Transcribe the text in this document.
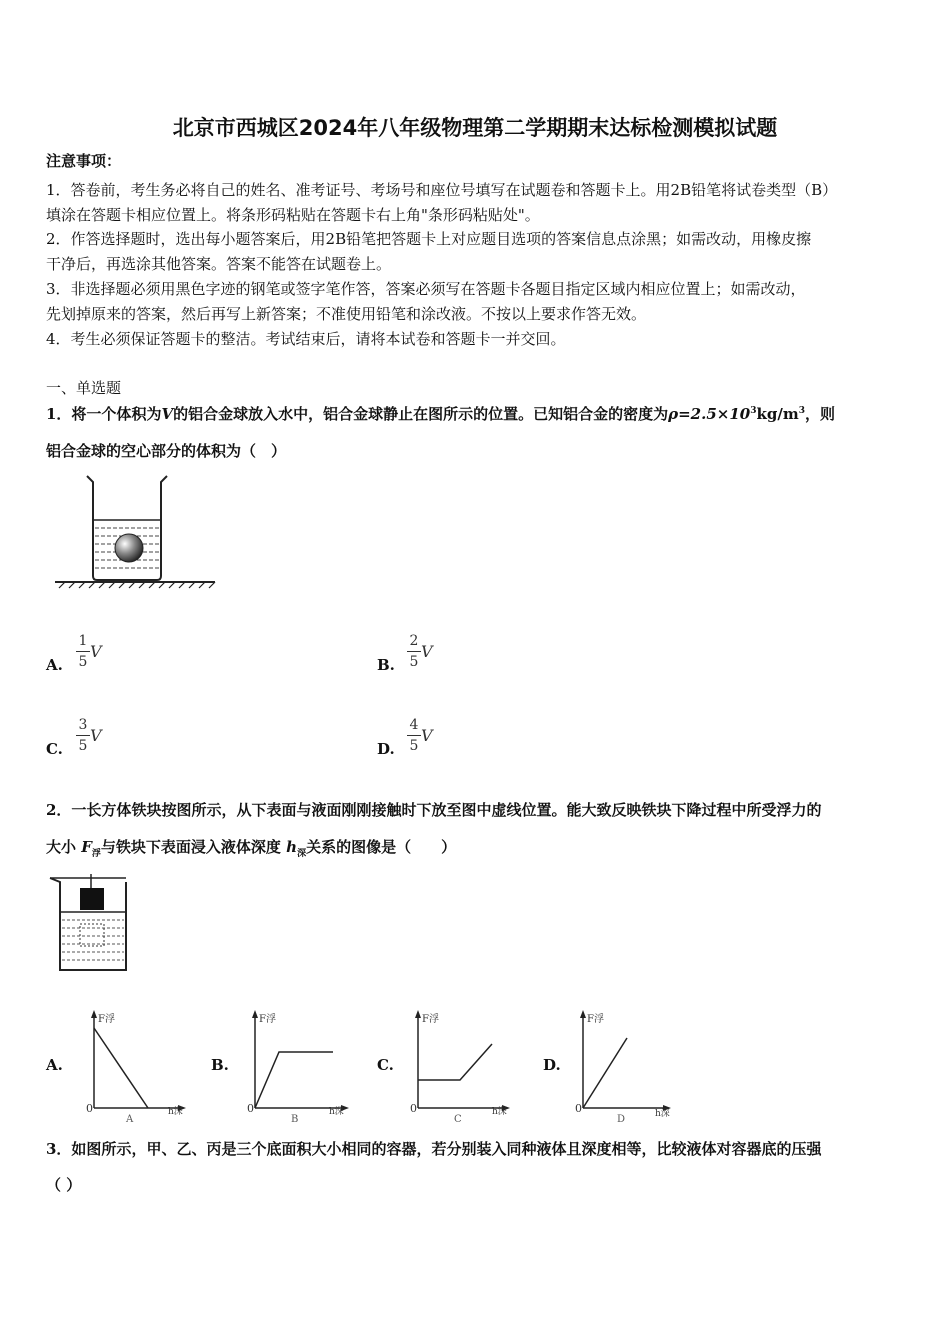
北京市西城区2024年八年级物理第二学期期末达标检测模拟试题
注意事项：
1．答卷前，考生务必将自己的姓名、准考证号、考场号和座位号填写在试题卷和答题卡上。用2B铅笔将试卷类型（B）
填涂在答题卡相应位置上。将条形码粘贴在答题卡右上角"条形码粘贴处"。
2．作答选择题时，选出每小题答案后，用2B铅笔把答题卡上对应题目选项的答案信息点涂黑；如需改动，用橡皮擦
干净后，再选涂其他答案。答案不能答在试题卷上。
3．非选择题必须用黑色字迹的钢笔或签字笔作答，答案必须写在答题卡各题目指定区域内相应位置上；如需改动，
先划掉原来的答案，然后再写上新答案；不准使用铅笔和涂改液。不按以上要求作答无效。
4．考生必须保证答题卡的整洁。考试结束后，请将本试卷和答题卡一并交回。
一、单选题
1．将一个体积为V的铝合金球放入水中，铝合金球静止在图所示的位置。已知铝合金的密度为$\rho=2.5\times 10^3kg/m^3$，则
铝合金球的空心部分的体积为（　）
A.
1
5
V
B.
2
5
V
C.
3
5
V
D.
4
5
V
2．一长方体铁块按图所示，从下表面与液面刚刚接触时下放至图中虚线位置。能大致反映铁块下降过程中所受浮力的
大小 $F_浮$与铁块下表面浸入液体深度 $h_深$关系的图像是（　　）
A.	B.	C.	D.
0
F浮
h深
A
0
F浮
h深
B
0
F浮
h深
C
0
F浮
h深
D
3．如图所示，甲、乙、丙是三个底面积大小相同的容器，若分别装入同种液体且深度相等，比较液体对容器底的压强
（ ）
